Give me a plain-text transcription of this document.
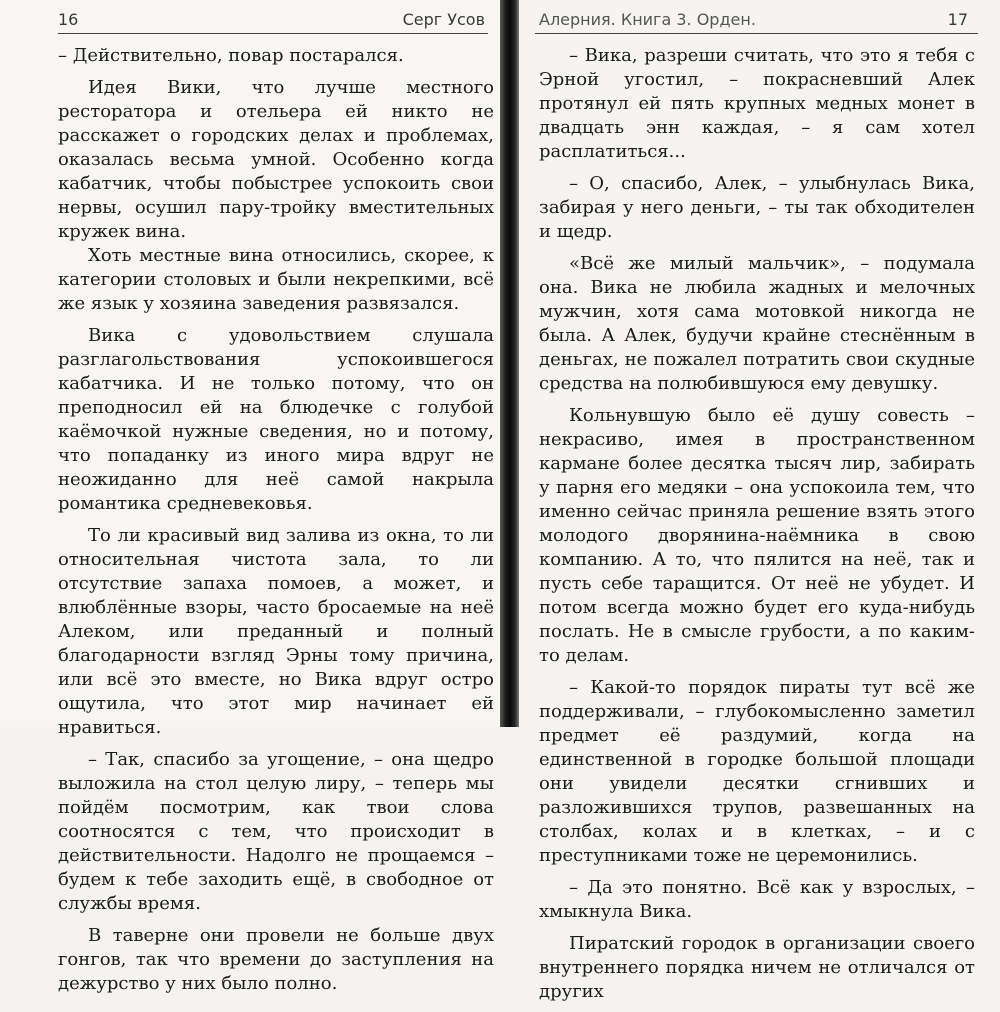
16	Серг Усов

– Действительно, повар постарался.

Идея Вики, что лучше местного ресторатора и отельера ей никто не расскажет о городских делах и проблемах, оказалась весьма умной. Особенно когда кабатчик, чтобы побыстрее успокоить свои нервы, осушил пару-тройку вместительных кружек вина.

Хоть местные вина относились, скорее, к категории столовых и были некрепкими, всё же язык у хозяина заведения развязался.

Вика с удовольствием слушала разглагольствования успокоившегося кабатчика. И не только потому, что он преподносил ей на блюдечке с голубой каёмочкой нужные сведения, но и потому, что попаданку из иного мира вдруг не неожиданно для неё самой накрыла романтика средневековья.

То ли красивый вид залива из окна, то ли относительная чистота зала, то ли отсутствие запаха помоев, а может, и влюблённые взоры, часто бросаемые на неё Алеком, или преданный и полный благодарности взгляд Эрны тому причина, или всё это вместе, но Вика вдруг остро ощутила, что этот мир начинает ей нравиться.

– Так, спасибо за угощение, – она щедро выложила на стол целую лиру, – теперь мы пойдём посмотрим, как твои слова соотносятся с тем, что происходит в действительности. Надолго не прощаемся – будем к тебе заходить ещё, в свободное от службы время.

В таверне они провели не больше двух гонгов, так что времени до заступления на дежурство у них было полно.

Алерния. Книга 3. Орден.	17

– Вика, разреши считать, что это я тебя с Эрной угостил, – покрасневший Алек протянул ей пять крупных медных монет в двадцать энн каждая, – я сам хотел расплатиться...

– О, спасибо, Алек, – улыбнулась Вика, забирая у него деньги, – ты так обходителен и щедр.

«Всё же милый мальчик», – подумала она. Вика не любила жадных и мелочных мужчин, хотя сама мотовкой никогда не была. А Алек, будучи крайне стеснённым в деньгах, не пожалел потратить свои скудные средства на полюбившуюся ему девушку.

Кольнувшую было её душу совесть – некрасиво, имея в пространственном кармане более десятка тысяч лир, забирать у парня его медяки – она успокоила тем, что именно сейчас приняла решение взять этого молодого дворянина-наёмника в свою компанию. А то, что пялится на неё, так и пусть себе таращится. От неё не убудет. И потом всегда можно будет его куда-нибудь послать. Не в смысле грубости, а по каким-то делам.

– Какой-то порядок пираты тут всё же поддерживали, – глубокомысленно заметил предмет её раздумий, когда на единственной в городке большой площади они увидели десятки сгнивших и разложившихся трупов, развешанных на столбах, колах и в клетках, – и с преступниками тоже не церемонились.

– Да это понятно. Всё как у взрослых, – хмыкнула Вика.

Пиратский городок в организации своего внутреннего порядка ничем не отличался от других
